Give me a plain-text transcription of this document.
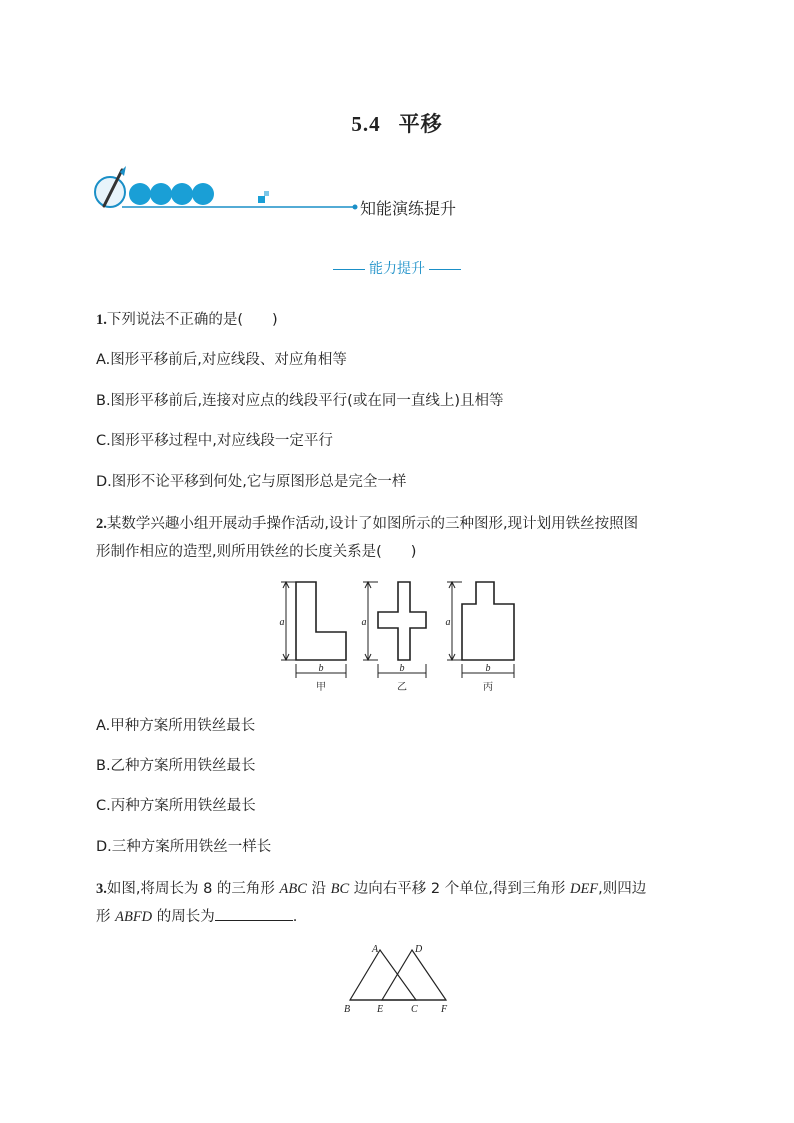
5.4 平移
知能演练提升
能力提升
1.下列说法不正确的是(　　)
A.图形平移前后,对应线段、对应角相等
B.图形平移前后,连接对应点的线段平行(或在同一直线上)且相等
C.图形平移过程中,对应线段一定平行
D.图形不论平移到何处,它与原图形总是完全一样
2.某数学兴趣小组开展动手操作活动,设计了如图所示的三种图形,现计划用铁丝按照图
形制作相应的造型,则所用铁丝的长度关系是(　　)
a	a	a
b	b	b
甲	乙	丙
A.甲种方案所用铁丝最长
B.乙种方案所用铁丝最长
C.丙种方案所用铁丝最长
D.三种方案所用铁丝一样长
3.如图,将周长为 8 的三角形 ABC 沿 BC 边向右平移 2 个单位,得到三角形 DEF,则四边
形 ABFD 的周长为	.
A	D
B	E	C F
